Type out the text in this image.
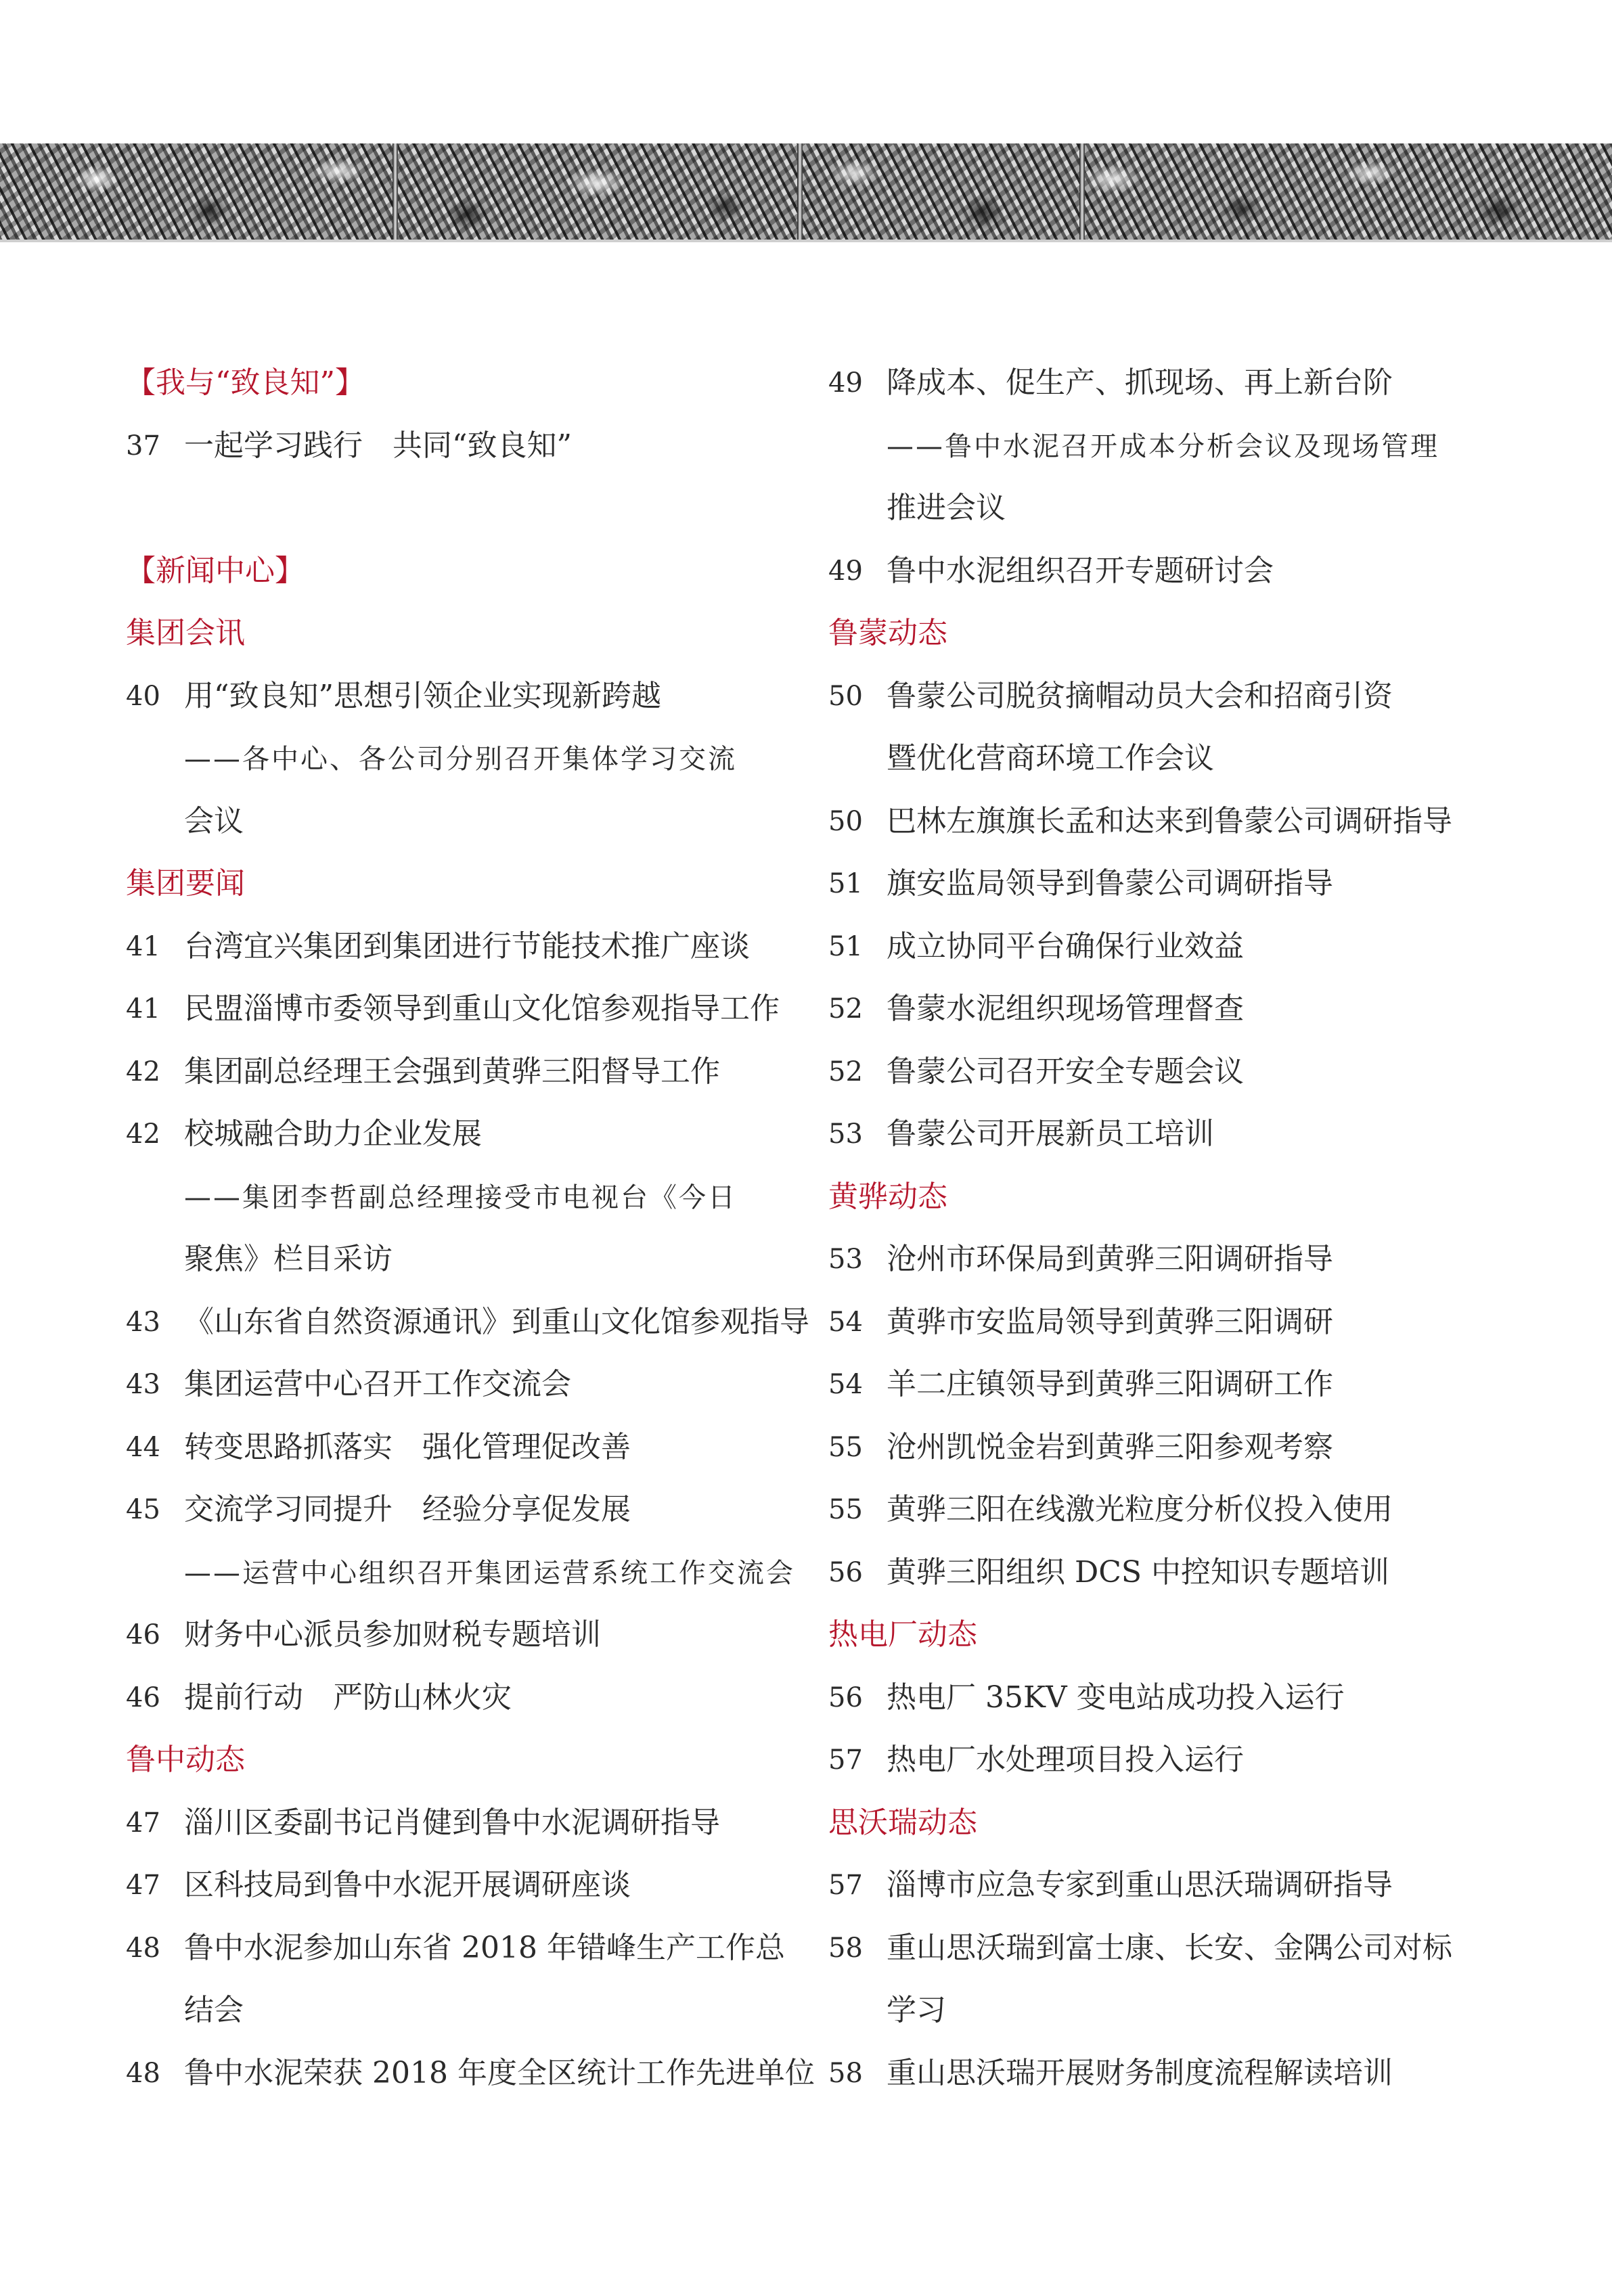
【我与“致良知”】
37 一起学习践行　共同“致良知”
【新闻中心】
集团会讯
40 用“致良知”思想引领企业实现新跨越
——各中心、各公司分别召开集体学习交流
会议
集团要闻
41 台湾宜兴集团到集团进行节能技术推广座谈
41 民盟淄博市委领导到重山文化馆参观指导工作
42 集团副总经理王会强到黄骅三阳督导工作
42 校城融合助力企业发展
——集团李哲副总经理接受市电视台《今日
聚焦》栏目采访
43 《山东省自然资源通讯》到重山文化馆参观指导
43 集团运营中心召开工作交流会
44 转变思路抓落实　强化管理促改善
45 交流学习同提升　经验分享促发展
——运营中心组织召开集团运营系统工作交流会
46 财务中心派员参加财税专题培训
46 提前行动　严防山林火灾
鲁中动态
47 淄川区委副书记肖健到鲁中水泥调研指导
47 区科技局到鲁中水泥开展调研座谈
48 鲁中水泥参加山东省 2018 年错峰生产工作总
结会
48 鲁中水泥荣获 2018 年度全区统计工作先进单位
49 降成本、促生产、抓现场、再上新台阶
——鲁中水泥召开成本分析会议及现场管理
推进会议
49 鲁中水泥组织召开专题研讨会
鲁蒙动态
50 鲁蒙公司脱贫摘帽动员大会和招商引资
暨优化营商环境工作会议
50 巴林左旗旗长孟和达来到鲁蒙公司调研指导
51 旗安监局领导到鲁蒙公司调研指导
51 成立协同平台确保行业效益
52 鲁蒙水泥组织现场管理督查
52 鲁蒙公司召开安全专题会议
53 鲁蒙公司开展新员工培训
黄骅动态
53 沧州市环保局到黄骅三阳调研指导
54 黄骅市安监局领导到黄骅三阳调研
54 羊二庄镇领导到黄骅三阳调研工作
55 沧州凯悦金岩到黄骅三阳参观考察
55 黄骅三阳在线激光粒度分析仪投入使用
56 黄骅三阳组织 DCS 中控知识专题培训
热电厂动态
56 热电厂 35KV 变电站成功投入运行
57 热电厂水处理项目投入运行
思沃瑞动态
57 淄博市应急专家到重山思沃瑞调研指导
58 重山思沃瑞到富士康、长安、金隅公司对标
学习
58 重山思沃瑞开展财务制度流程解读培训
